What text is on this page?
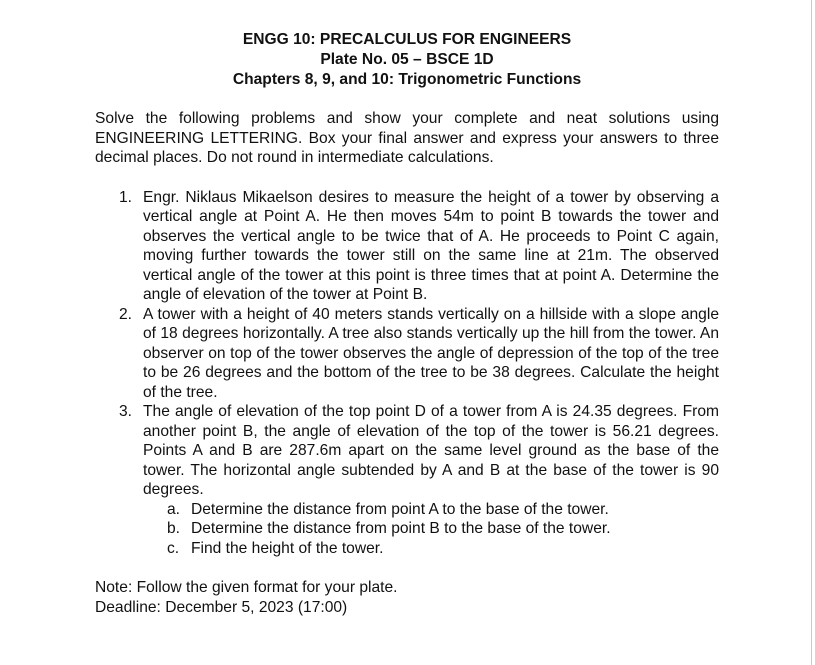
ENGG 10: PRECALCULUS FOR ENGINEERS
Plate No. 05 – BSCE 1D
Chapters 8, 9, and 10: Trigonometric Functions

Solve the following problems and show your complete and neat solutions using ENGINEERING LETTERING. Box your final answer and express your answers to three decimal places. Do not round in intermediate calculations.

1. Engr. Niklaus Mikaelson desires to measure the height of a tower by observing a vertical angle at Point A. He then moves 54m to point B towards the tower and observes the vertical angle to be twice that of A. He proceeds to Point C again, moving further towards the tower still on the same line at 21m. The observed vertical angle of the tower at this point is three times that at point A. Determine the angle of elevation of the tower at Point B.
2. A tower with a height of 40 meters stands vertically on a hillside with a slope angle of 18 degrees horizontally. A tree also stands vertically up the hill from the tower. An observer on top of the tower observes the angle of depression of the top of the tree to be 26 degrees and the bottom of the tree to be 38 degrees. Calculate the height of the tree.
3. The angle of elevation of the top point D of a tower from A is 24.35 degrees. From another point B, the angle of elevation of the top of the tower is 56.21 degrees. Points A and B are 287.6m apart on the same level ground as the base of the tower. The horizontal angle subtended by A and B at the base of the tower is 90 degrees.
a. Determine the distance from point A to the base of the tower.
b. Determine the distance from point B to the base of the tower.
c. Find the height of the tower.
Note: Follow the given format for your plate.
Deadline: December 5, 2023 (17:00)
